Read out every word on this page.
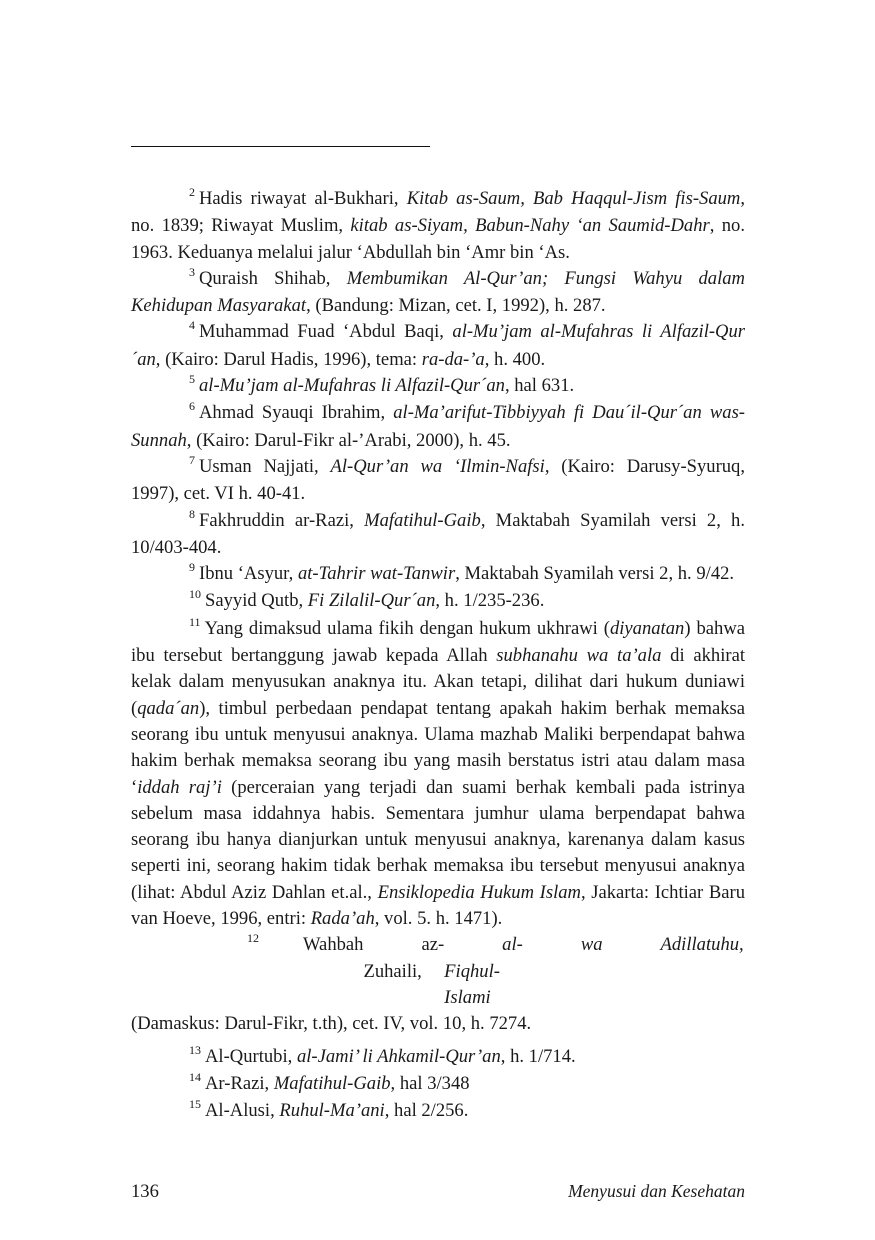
$^2$ Hadis riwayat al-Bukhari, Kitab as-Saum, Bab Haqqul-Jism fis-Saum, no. 1839; Riwayat Muslim, kitab as-Siyam, Babun-Nahy ‘an Saumid-Dahr, no. 1963. Keduanya melalui jalur ‘Abdullah bin ‘Amr bin ‘As.

$^3$ Quraish Shihab, Membumikan Al-Qur’an; Fungsi Wahyu dalam Kehidupan Masyarakat, (Bandung: Mizan, cet. I, 1992), h. 287.

$^4$ Muhammad Fuad ‘Abdul Baqi, al-Mu’jam al-Mufahras li Alfazil-Qur´an, (Kairo: Darul Hadis, 1996), tema: ra-da-’a, h. 400.

$^5$ al-Mu’jam al-Mufahras li Alfazil-Qur´an, hal 631.

$^6$ Ahmad Syauqi Ibrahim, al-Ma’arifut-Tibbiyyah fi Dau´il-Qur´an was-Sunnah, (Kairo: Darul-Fikr al-’Arabi, 2000), h. 45.

$^7$ Usman Najjati, Al-Qur’an wa ‘Ilmin-Nafsi, (Kairo: Darusy-Syuruq, 1997), cet. VI h. 40-41.

$^8$ Fakhruddin ar-Razi, Mafatihul-Gaib, Maktabah Syamilah versi 2, h. 10/403-404.

$^9$ Ibnu ‘Asyur, at-Tahrir wat-Tanwir, Maktabah Syamilah versi 2, h. 9/42.

$^{10}$ Sayyid Qutb, Fi Zilalil-Qur´an, h. 1/235-236.

$^{11}$ Yang dimaksud ulama fikih dengan hukum ukhrawi (diyanatan) bahwa ibu tersebut bertanggung jawab kepada Allah subhanahu wa ta’ala di akhirat kelak dalam menyusukan anaknya itu. Akan tetapi, dilihat dari hukum duniawi (qada´an), timbul perbedaan pendapat tentang apakah hakim berhak memaksa seorang ibu untuk menyusui anaknya. Ulama mazhab Maliki berpendapat bahwa hakim berhak memaksa seorang ibu yang masih berstatus istri atau dalam masa ‘iddah raj’i (perceraian yang terjadi dan suami berhak kembali pada istrinya sebelum masa iddahnya habis. Sementara jumhur ulama berpendapat bahwa seorang ibu hanya dianjurkan untuk menyusui anaknya, karenanya dalam kasus seperti ini, seorang hakim tidak berhak memaksa ibu tersebut menyusui anaknya (lihat: Abdul Aziz Dahlan et.al., Ensiklopedia Hukum Islam, Jakarta: Ichtiar Baru van Hoeve, 1996, entri: Rada’ah, vol. 5. h. 1471).

$^{12}$	Wahbah	az-Zuhaili,
al-Fiqhul-Islami
wa	Adillatuhu,

(Damaskus: Darul-Fikr, t.th), cet. IV, vol. 10, h. 7274.

$^{13}$ Al-Qurtubi, al-Jami’ li Ahkamil-Qur’an, h. 1/714.

$^{14}$ Ar-Razi, Mafatihul-Gaib, hal 3/348

$^{15}$ Al-Alusi, Ruhul-Ma’ani, hal 2/256.

136	Menyusui dan Kesehatan
